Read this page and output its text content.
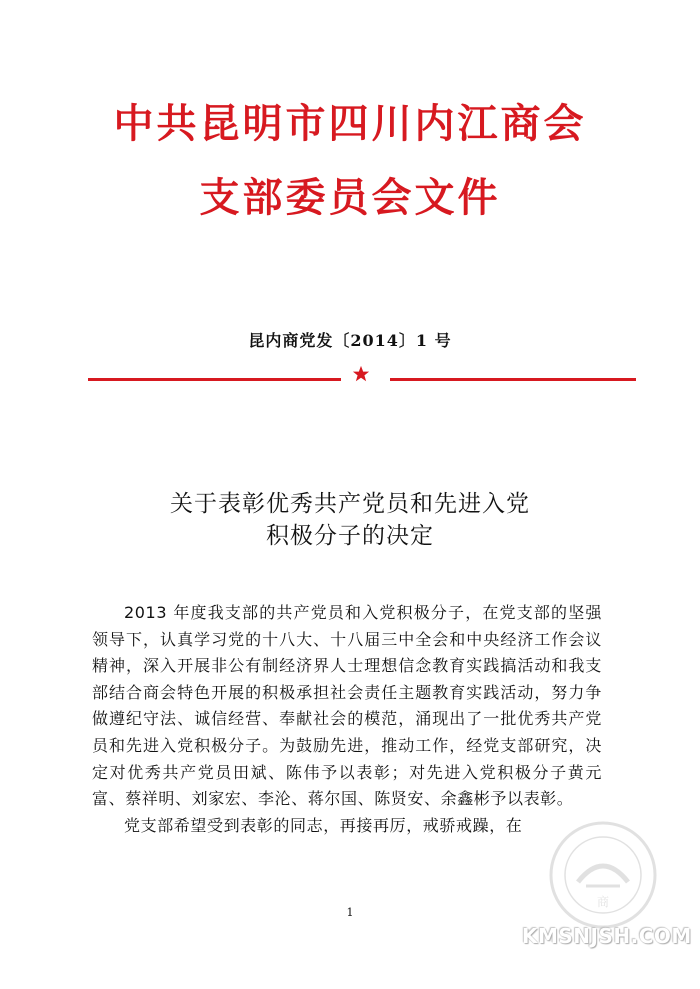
中共昆明市四川内江商会
支部委员会文件
昆内商党发〔2014〕1 号
关于表彰优秀共产党员和先进入党
积极分子的决定

2013 年度我支部的共产党员和入党积极分子，在党支部的坚强领导下，认真学习党的十八大、十八届三中全会和中央经济工作会议精神，深入开展非公有制经济界人士理想信念教育实践搞活动和我支部结合商会特色开展的积极承担社会责任主题教育实践活动，努力争做遵纪守法、诚信经营、奉献社会的模范，涌现出了一批优秀共产党员和先进入党积极分子。为鼓励先进，推动工作，经党支部研究，决定对优秀共产党员田斌、陈伟予以表彰；对先进入党积极分子黄元富、蔡祥明、刘家宏、李沦、蒋尔国、陈贤安、余鑫彬予以表彰。

党支部希望受到表彰的同志，再接再厉，戒骄戒躁，在

1
商
KMSNJSH.COM
